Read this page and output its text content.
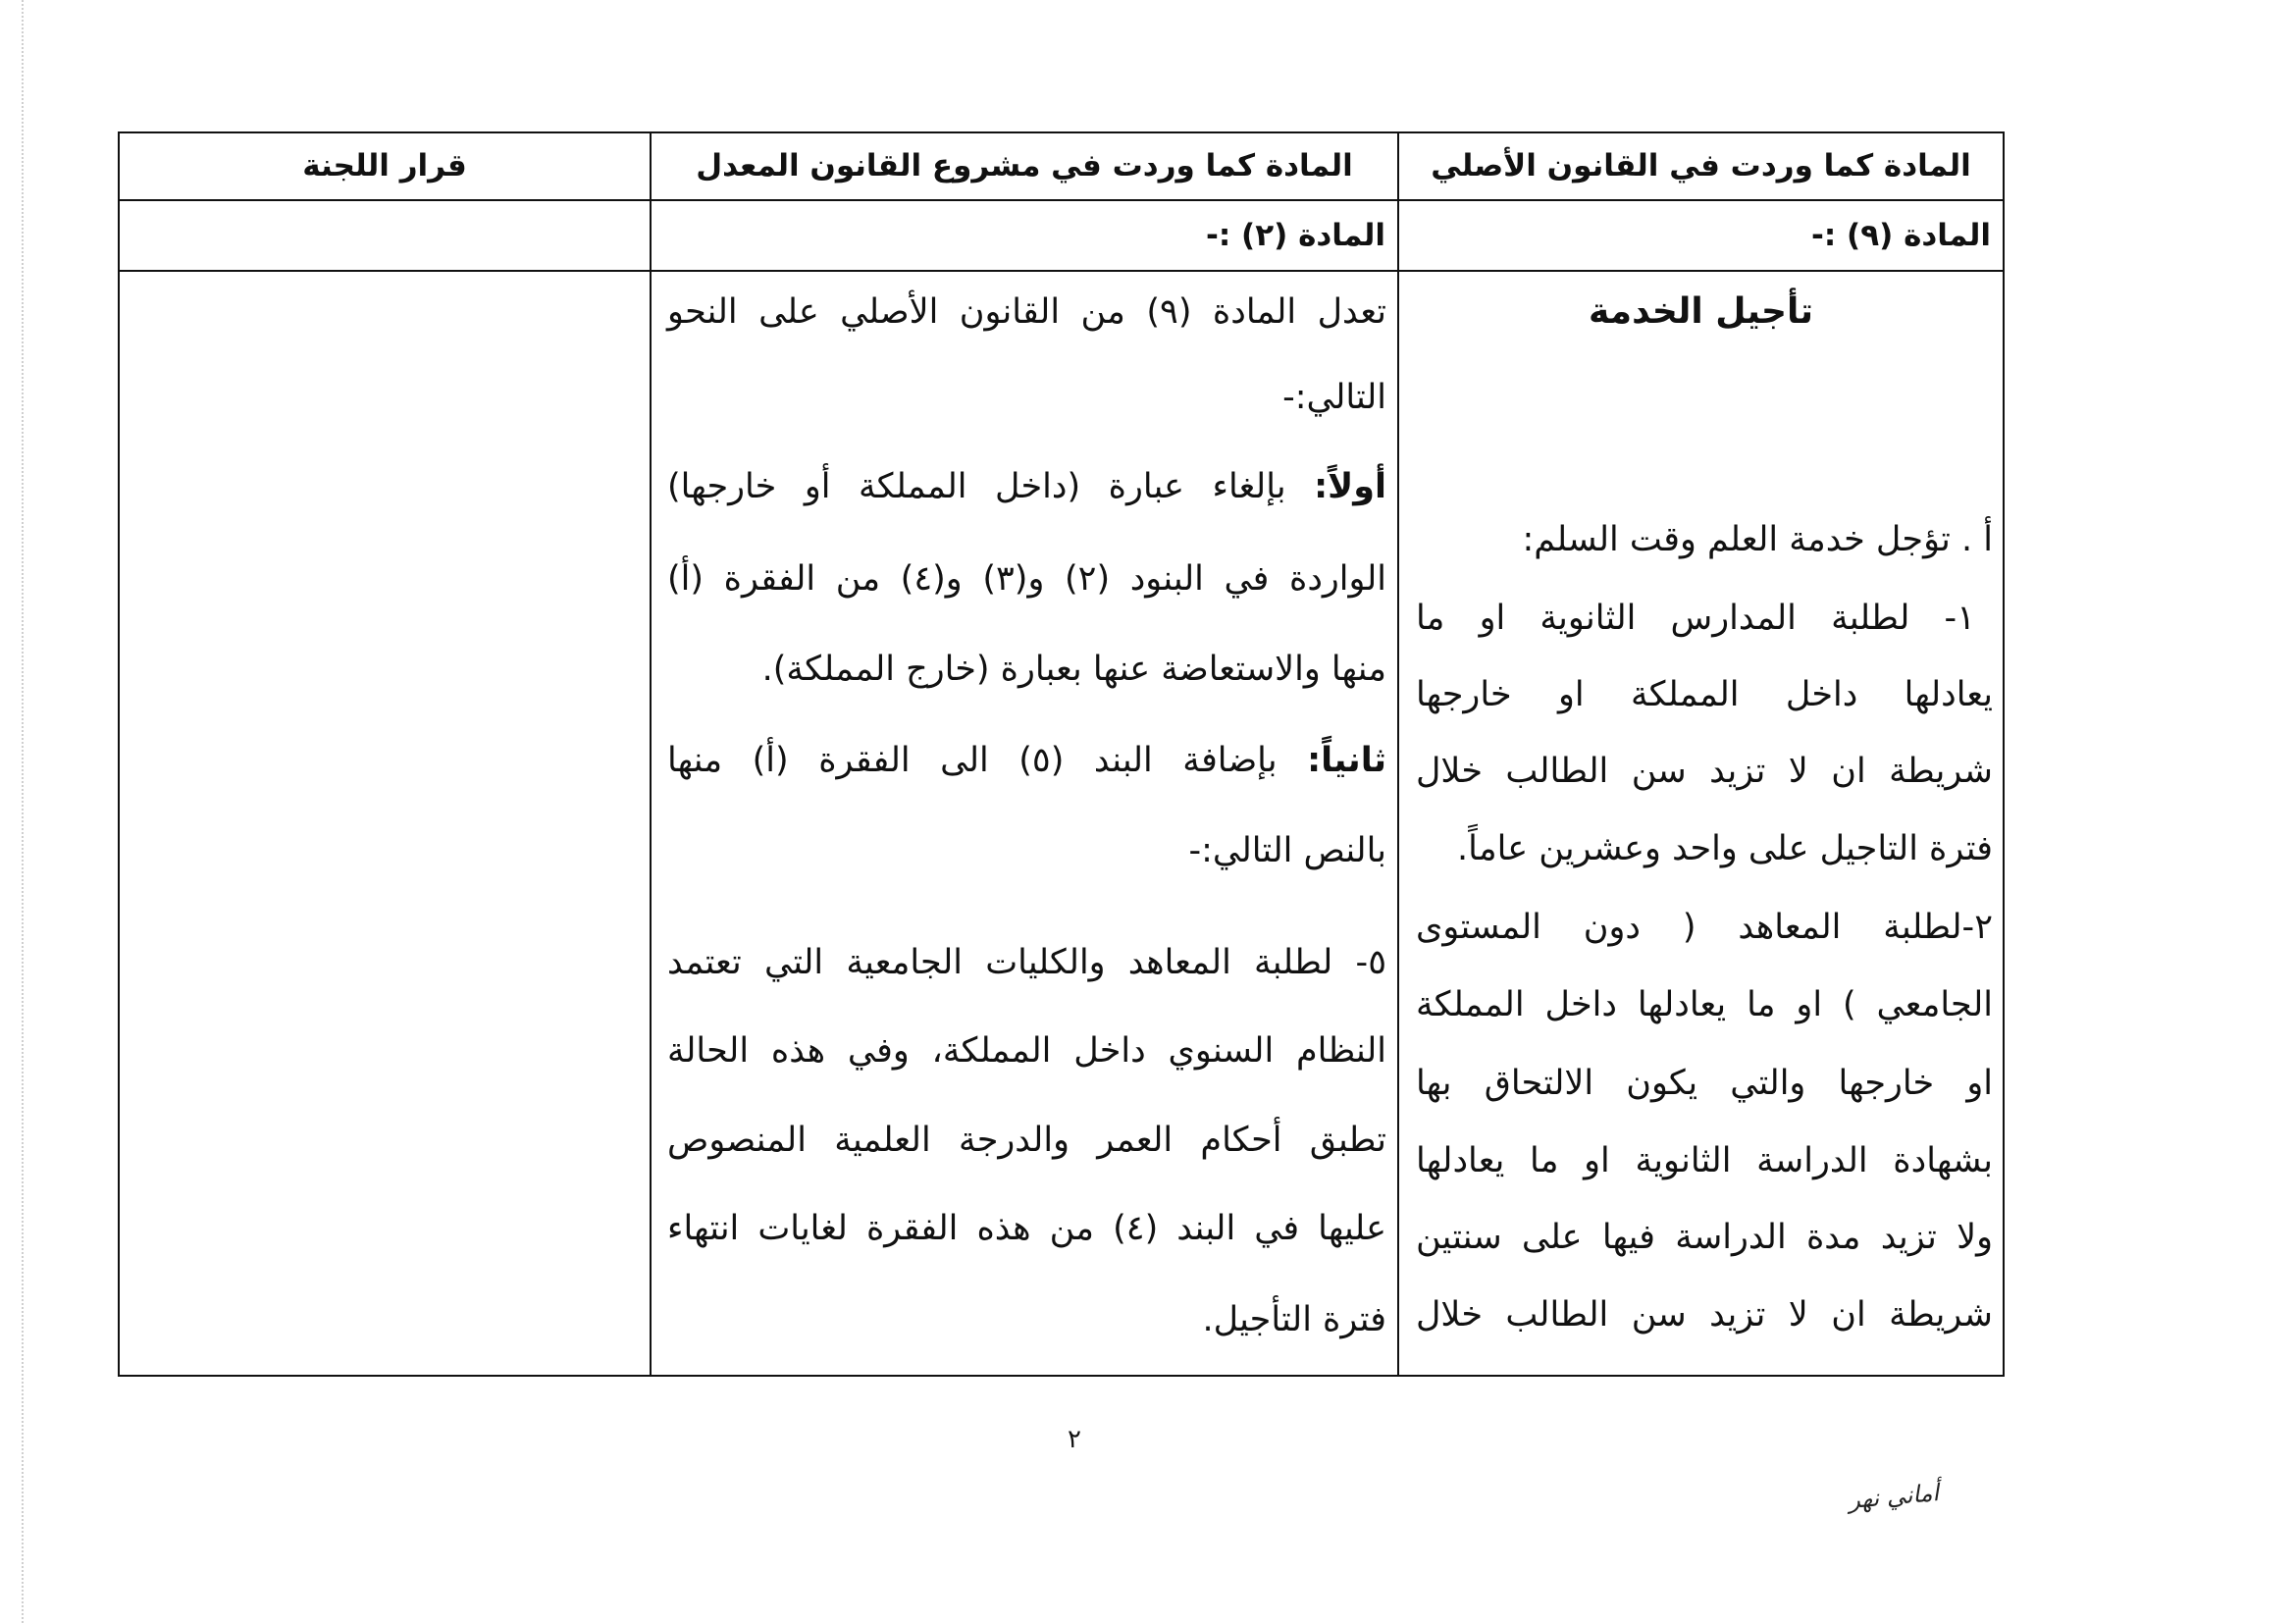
المادة كما وردت في القانون الأصلي
المادة كما وردت في مشروع القانون المعدل
قرار اللجنة
المادة (٩) :-
المادة (٢) :-
تأجيل الخدمة
أ . تؤجل خدمة العلم وقت السلم:
١- لطلبة المدارس الثانوية او ما
يعادلها داخل المملكة او خارجها
شريطة ان لا تزيد سن الطالب خلال
فترة التاجيل على واحد وعشرين عاماً.
٢-لطلبة المعاهد ( دون المستوى
الجامعي ) او ما يعادلها داخل المملكة
او خارجها والتي يكون الالتحاق بها
بشهادة الدراسة الثانوية او ما يعادلها
ولا تزيد مدة الدراسة فيها على سنتين
شريطة ان لا تزيد سن الطالب خلال
تعدل المادة (٩) من القانون الأصلي على النحو
التالي:-
أولاً: بإلغاء عبارة (داخل المملكة أو خارجها)
الواردة في البنود (٢) و(٣) و(٤) من الفقرة (أ)
منها والاستعاضة عنها بعبارة (خارج المملكة).
ثانياً: بإضافة البند (٥) الى الفقرة (أ) منها
بالنص التالي:-
٥- لطلبة المعاهد والكليات الجامعية التي تعتمد
النظام السنوي داخل المملكة، وفي هذه الحالة
تطبق أحكام العمر والدرجة العلمية المنصوص
عليها في البند (٤) من هذه الفقرة لغايات انتهاء
فترة التأجيل.
٢
أماني نهر
